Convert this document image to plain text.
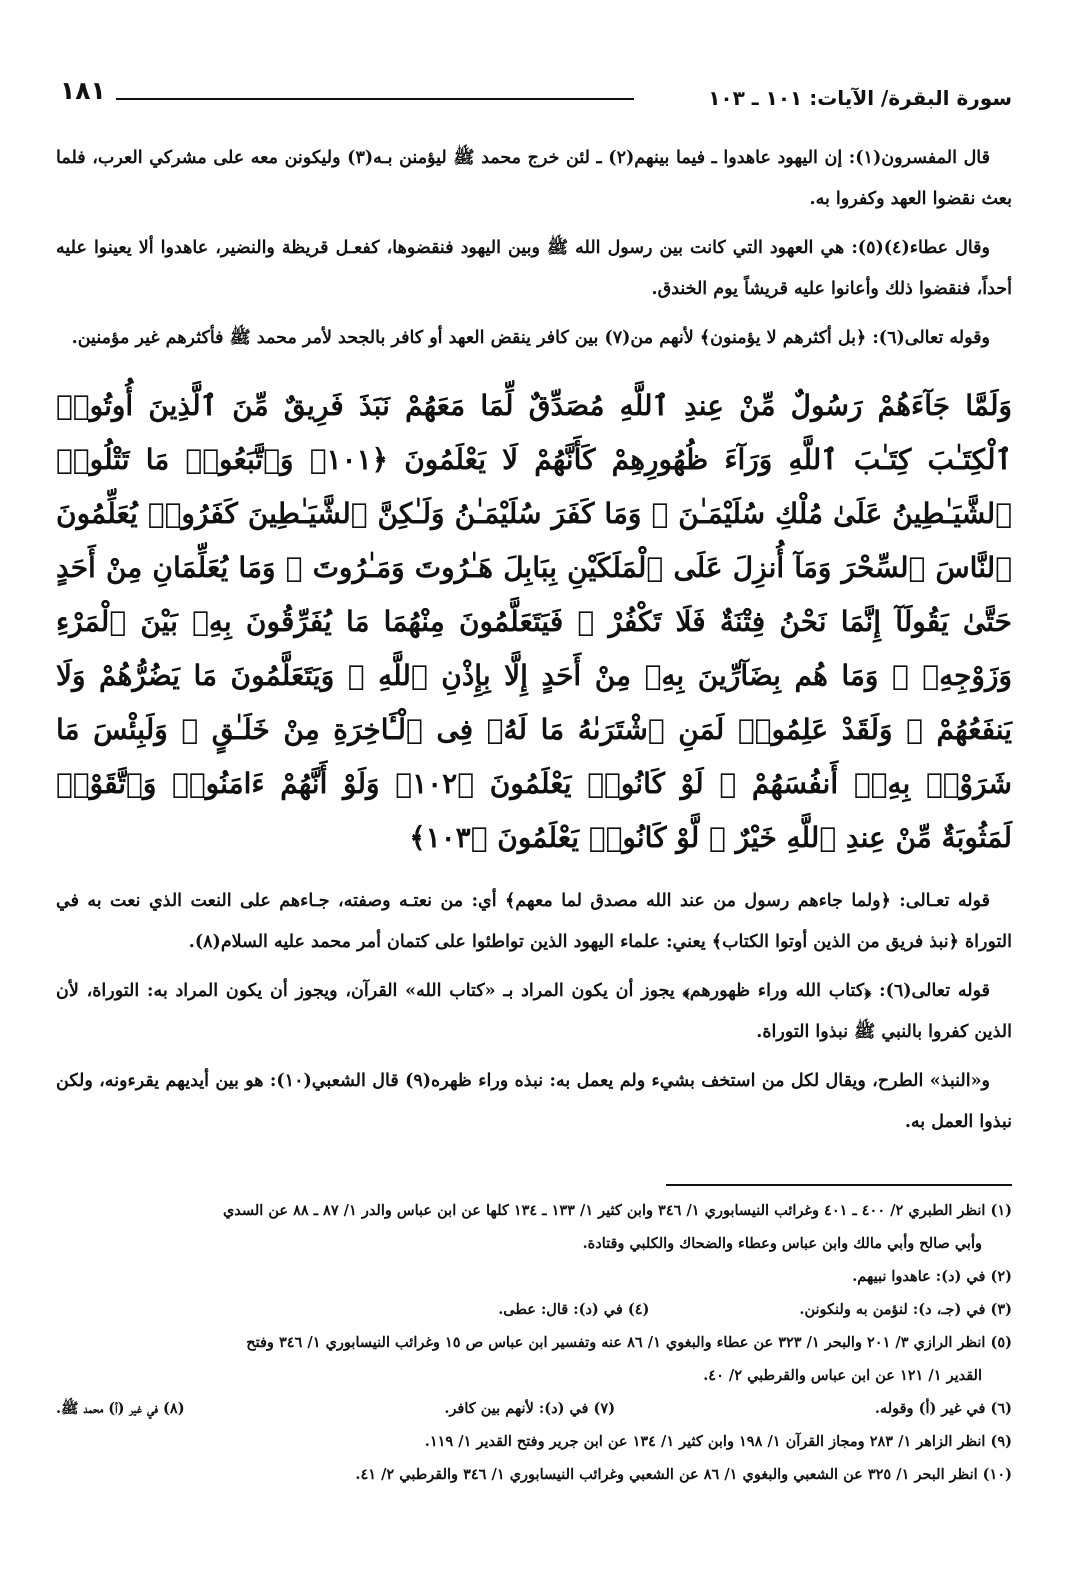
سورة البقرة/ الآيات: ١٠١ ـ ١٠٣
١٨١

قال المفسرون(١): إن اليهود عاهدوا ـ فيما بينهم(٢) ـ لئن خرج محمد ﷺ ليؤمنن بـه(٣) وليكونن معه على مشركي العرب، فلما بعث نقضوا العهد وكفروا به.

وقال عطاء(٤)(٥): هي العهود التي كانت بين رسول الله ﷺ وبين اليهود فنقضوها، كفعـل قريظة والنضير، عاهدوا ألا يعينوا عليه أحداً، فنقضوا ذلك وأعانوا عليه قريشاً يوم الخندق.

وقوله تعالى(٦): ﴿بل أكثرهم لا يؤمنون﴾ لأنهم من(٧) بين كافر ينقض العهد أو كافر بالجحد لأمر محمد ﷺ فأكثرهم غير مؤمنين.

وَلَمَّا جَآءَهُمْ رَسُولٌ مِّنْ عِندِ ٱللَّهِ مُصَدِّقٌ لِّمَا مَعَهُمْ نَبَذَ فَرِيقٌ مِّنَ ٱلَّذِينَ أُوتُوا۟ ٱلْكِتَـٰبَ كِتَـٰبَ ٱللَّهِ وَرَآءَ ظُهُورِهِمْ كَأَنَّهُمْ لَا يَعْلَمُونَ ﴿١٠١﴾ وَٱتَّبَعُوا۟ مَا تَتْلُوا۟ ٱلشَّيَـٰطِينُ عَلَىٰ مُلْكِ سُلَيْمَـٰنَ ۖ وَمَا كَفَرَ سُلَيْمَـٰنُ وَلَـٰكِنَّ ٱلشَّيَـٰطِينَ كَفَرُوا۟ يُعَلِّمُونَ ٱلنَّاسَ ٱلسِّحْرَ وَمَآ أُنزِلَ عَلَى ٱلْمَلَكَيْنِ بِبَابِلَ هَـٰرُوتَ وَمَـٰرُوتَ ۚ وَمَا يُعَلِّمَانِ مِنْ أَحَدٍ حَتَّىٰ يَقُولَآ إِنَّمَا نَحْنُ فِتْنَةٌ فَلَا تَكْفُرْ ۖ فَيَتَعَلَّمُونَ مِنْهُمَا مَا يُفَرِّقُونَ بِهِۦ بَيْنَ ٱلْمَرْءِ وَزَوْجِهِۦ ۚ وَمَا هُم بِضَآرِّينَ بِهِۦ مِنْ أَحَدٍ إِلَّا بِإِذْنِ ٱللَّهِ ۚ وَيَتَعَلَّمُونَ مَا يَضُرُّهُمْ وَلَا يَنفَعُهُمْ ۚ وَلَقَدْ عَلِمُوا۟ لَمَنِ ٱشْتَرَىٰهُ مَا لَهُۥ فِى ٱلْـَٔاخِرَةِ مِنْ خَلَـٰقٍ ۚ وَلَبِئْسَ مَا شَرَوْا۟ بِهِۦٓ أَنفُسَهُمْ ۚ لَوْ كَانُوا۟ يَعْلَمُونَ ﴿١٠٢﴾ وَلَوْ أَنَّهُمْ ءَامَنُوا۟ وَٱتَّقَوْا۟ لَمَثُوبَةٌ مِّنْ عِندِ ٱللَّهِ خَيْرٌ ۖ لَّوْ كَانُوا۟ يَعْلَمُونَ ﴿١٠٣﴾

قوله تعـالى: ﴿ولما جاءهم رسول من عند الله مصدق لما معهم﴾ أي: من نعتـه وصفته، جـاءهم على النعت الذي نعت به في التوراة ﴿نبذ فريق من الذين أوتوا الكتاب﴾ يعني: علماء اليهود الذين تواطئوا على كتمان أمر محمد عليه السلام(٨).

قوله تعالى(٦): ﴿كتاب الله وراء ظهورهم﴾ يجوز أن يكون المراد بـ «كتاب الله» القرآن، ويجوز أن يكون المراد به: التوراة، لأن الذين كفروا بالنبي ﷺ نبذوا التوراة.

و«النبذ» الطرح، ويقال لكل من استخف بشيء ولم يعمل به: نبذه وراء ظهره(٩) قال الشعبي(١٠): هو بين أيديهم يقرءونه، ولكن نبذوا العمل به.

(١) انظر الطبري ٢/ ٤٠٠ ـ ٤٠١ وغرائب النيسابوري ١/ ٣٤٦ وابن كثير ١/ ١٣٣ ـ ١٣٤ كلها عن ابن عباس والدر ١/ ٨٧ ـ ٨٨ عن السدي

وأبي صالح وأبي مالك وابن عباس وعطاء والضحاك والكلبي وقتادة.

(٢) في (د): عاهدوا نبيهم.

(٣) في (جـ، د): لنؤمن به ولنكونن.
(٤) في (د): قال: عطى.

(٥) انظر الرازي ٣/ ٢٠١ والبحر ١/ ٣٢٣ عن عطاء والبغوي ١/ ٨٦ عنه وتفسير ابن عباس ص ١٥ وغرائب النيسابوري ١/ ٣٤٦ وفتح

القدير ١/ ١٢١ عن ابن عباس والقرطبي ٢/ ٤٠.

(٦) في غير (أ) وقوله.
(٧) في (د): لأنهم بين كافر.
(٨) في غير (أ) محمد ﷺ.

(٩) انظر الزاهر ١/ ٢٨٣ ومجاز القرآن ١/ ١٩٨ وابن كثير ١/ ١٣٤ عن ابن جرير وفتح القدير ١/ ١١٩.

(١٠) انظر البحر ١/ ٣٢٥ عن الشعبي والبغوي ١/ ٨٦ عن الشعبي وغرائب النيسابوري ١/ ٣٤٦ والقرطبي ٢/ ٤١.
